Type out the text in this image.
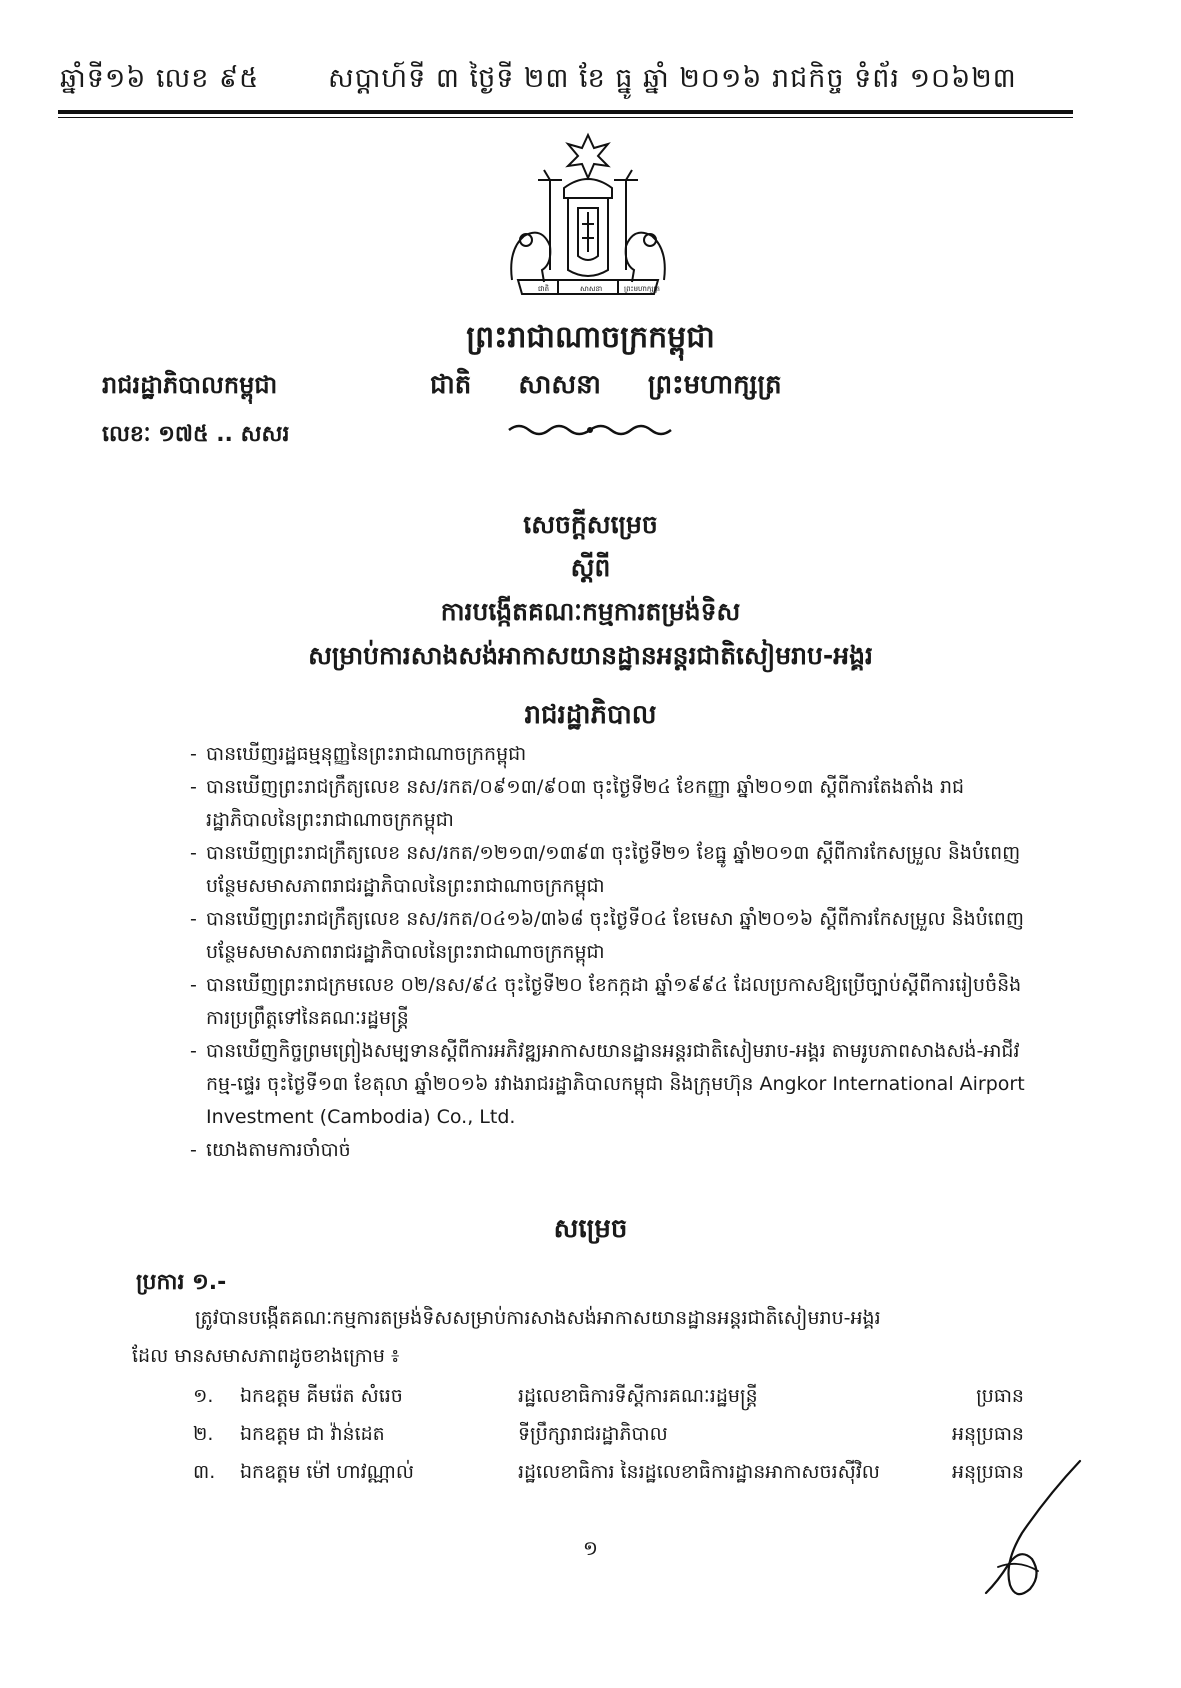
ឆ្នាំទី១៦ លេខ ៩៥	សប្តាហ៍ទី ៣ ថ្ងៃទី ២៣ ខែ ធ្នូ ឆ្នាំ ២០១៦ រាជកិច្ច ទំព័រ ១០៦២៣
ជាតិ	សាសនា	ព្រះមហាក្សត្រ
ព្រះរាជាណាចក្រកម្ពុជា
រាជរដ្ឋាភិបាលកម្ពុជា	ជាតិ សាសនា ព្រះមហាក្សត្រ
លេខៈ ១៧៥ .. សសរ
សេចក្ដីសម្រេច
ស្ដីពី
ការបង្កើតគណៈកម្មការតម្រង់ទិស
សម្រាប់ការសាងសង់អាកាសយានដ្ឋានអន្តរជាតិសៀមរាប-អង្គរ
រាជរដ្ឋាភិបាល
- បានឃើញរដ្ឋធម្មនុញ្ញនៃព្រះរាជាណាចក្រកម្ពុជា
- បានឃើញព្រះរាជក្រឹត្យលេខ នស/រកត/០៩១៣/៩០៣ ចុះថ្ងៃទី២៤ ខែកញ្ញា ឆ្នាំ២០១៣ ស្ដីពីការតែងតាំង រាជរដ្ឋាភិបាលនៃព្រះរាជាណាចក្រកម្ពុជា
- បានឃើញព្រះរាជក្រឹត្យលេខ នស/រកត/១២១៣/១៣៩៣ ចុះថ្ងៃទី២១ ខែធ្នូ ឆ្នាំ២០១៣ ស្ដីពីការកែសម្រួល និងបំពេញបន្ថែមសមាសភាពរាជរដ្ឋាភិបាលនៃព្រះរាជាណាចក្រកម្ពុជា
- បានឃើញព្រះរាជក្រឹត្យលេខ នស/រកត/០៤១៦/៣៦៨ ចុះថ្ងៃទី០៤ ខែមេសា ឆ្នាំ២០១៦ ស្ដីពីការកែសម្រួល និងបំពេញបន្ថែមសមាសភាពរាជរដ្ឋាភិបាលនៃព្រះរាជាណាចក្រកម្ពុជា
- បានឃើញព្រះរាជក្រមលេខ ០២/នស/៩៤ ចុះថ្ងៃទី២០ ខែកក្កដា ឆ្នាំ១៩៩៤ ដែលប្រកាសឱ្យប្រើច្បាប់ស្ដីពីការរៀបចំនិងការប្រព្រឹត្តទៅនៃគណៈរដ្ឋមន្ត្រី
- បានឃើញកិច្ចព្រមព្រៀងសម្បទានស្ដីពីការអភិវឌ្ឍអាកាសយានដ្ឋានអន្តរជាតិសៀមរាប-អង្គរ តាមរូបភាពសាងសង់-អាជីវកម្ម-ផ្ទេរ ចុះថ្ងៃទី១៣ ខែតុលា ឆ្នាំ២០១៦ រវាងរាជរដ្ឋាភិបាលកម្ពុជា និងក្រុមហ៊ុន Angkor International Airport Investment (Cambodia) Co., Ltd.
- យោងតាមការចាំបាច់
សម្រេច
ប្រការ ១.-
ត្រូវបានបង្កើតគណៈកម្មការតម្រង់ទិសសម្រាប់ការសាងសង់អាកាសយានដ្ឋានអន្តរជាតិសៀមរាប-អង្គរ
ដែល មានសមាសភាពដូចខាងក្រោម ៖
១. ឯកឧត្ដម គីមរ៉េត សំរេច	រដ្ឋលេខាធិការទីស្ដីការគណៈរដ្ឋមន្ត្រី	ប្រធាន
២. ឯកឧត្ដម ជា វ៉ាន់ដេត	ទីប្រឹក្សារាជរដ្ឋាភិបាល	អនុប្រធាន
៣. ឯកឧត្ដម ម៉ៅ ហាវណ្ណាល់	រដ្ឋលេខាធិការ នៃរដ្ឋលេខាធិការដ្ឋានអាកាសចរស៊ីវិល	អនុប្រធាន
១
